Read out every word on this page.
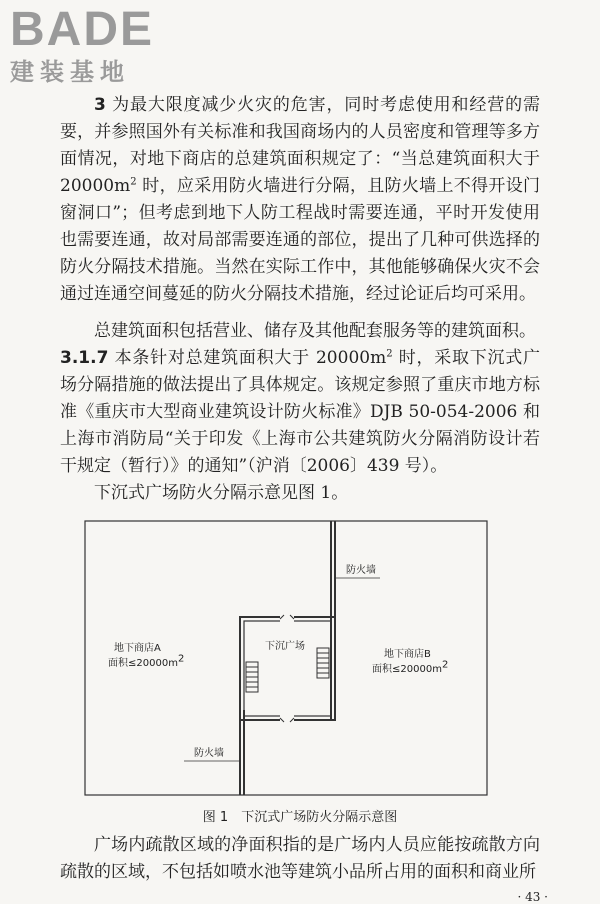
BADE
建装基地
3 为最大限度减少火灾的危害，同时考虑使用和经营的需要，并参照国外有关标准和我国商场内的人员密度和管理等多方面情况，对地下商店的总建筑面积规定了：“当总建筑面积大于$20000m^2$ 时，应采用防火墙进行分隔，且防火墙上不得开设门窗洞口”；但考虑到地下人防工程战时需要连通，平时开发使用也需要连通，故对局部需要连通的部位，提出了几种可供选择的防火分隔技术措施。当然在实际工作中，其他能够确保火灾不会通过连通空间蔓延的防火分隔技术措施，经过论证后均可采用。
总建筑面积包括营业、储存及其他配套服务等的建筑面积。
3.1.7 本条针对总建筑面积大于 $20000m^2$ 时，采取下沉式广场分隔措施的做法提出了具体规定。该规定参照了重庆市地方标准《重庆市大型商业建筑设计防火标准》DJB 50-054-2006 和上海市消防局“关于印发《上海市公共建筑防火分隔消防设计若干规定（暂行）》的通知”（沪消〔2006〕439 号）。
下沉式广场防火分隔示意见图 1。
防火墙
防火墙
下沉广场
地下商店A
面积$\le 20000m^2$	地下商店B
面积$\le 20000m^2$
图 1　下沉式广场防火分隔示意图
广场内疏散区域的净面积指的是广场内人员应能按疏散方向疏散的区域，不包括如喷水池等建筑小品所占用的面积和商业所
· 43 ·
